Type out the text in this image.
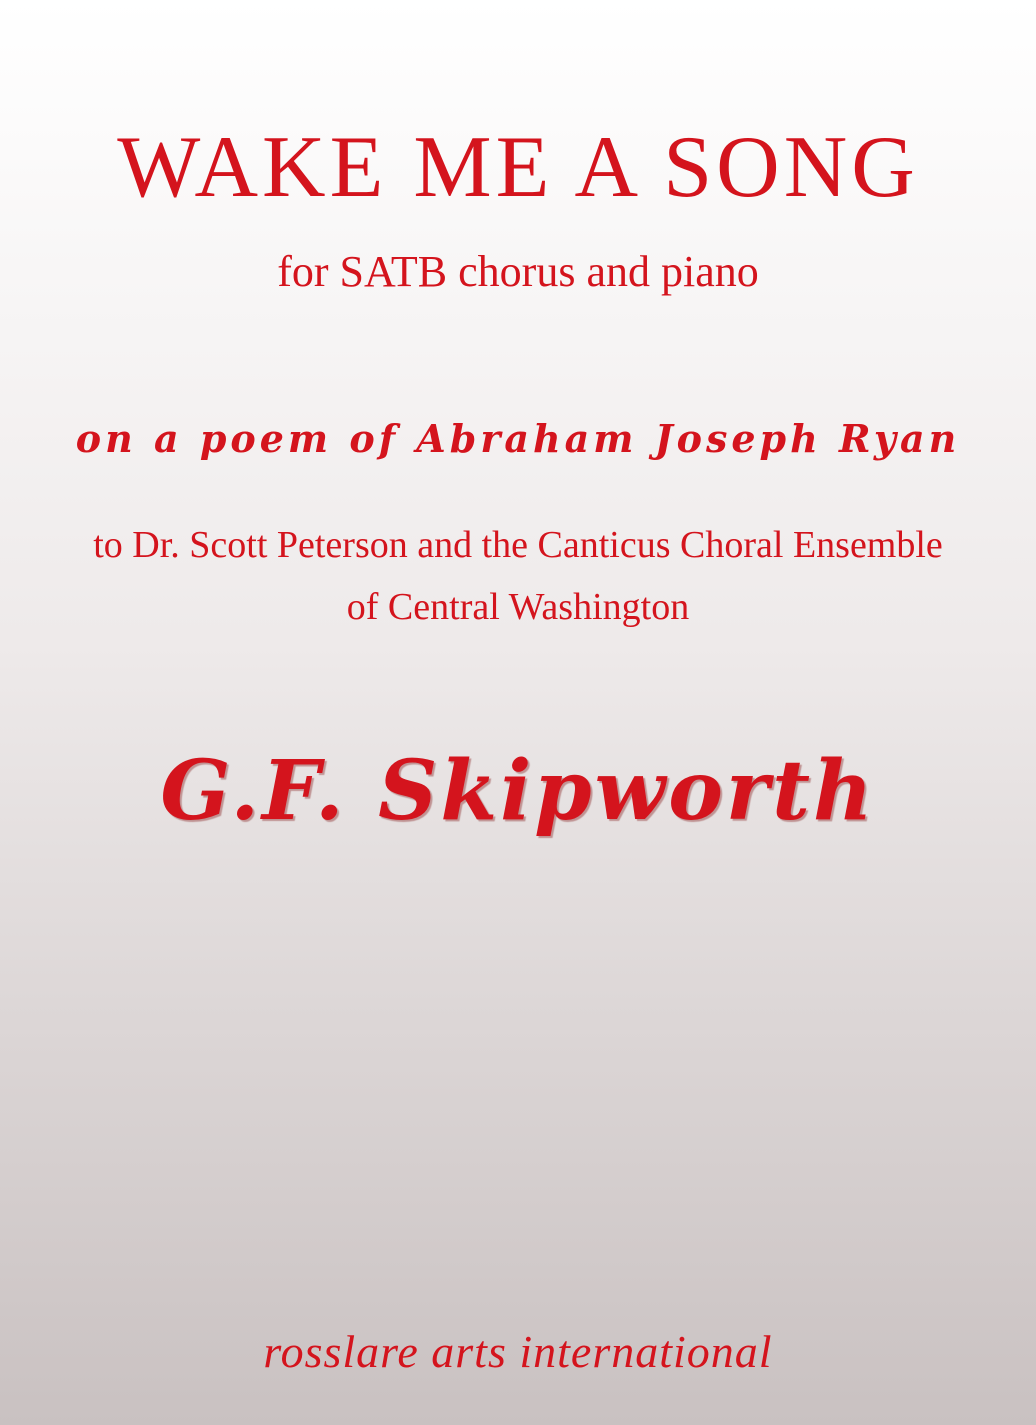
WAKE ME A SONG
for SATB chorus and piano
on a poem of Abraham Joseph Ryan
to Dr. Scott Peterson and the Canticus Choral Ensemble
of Central Washington
G.F. Skipworth
rosslare arts international
